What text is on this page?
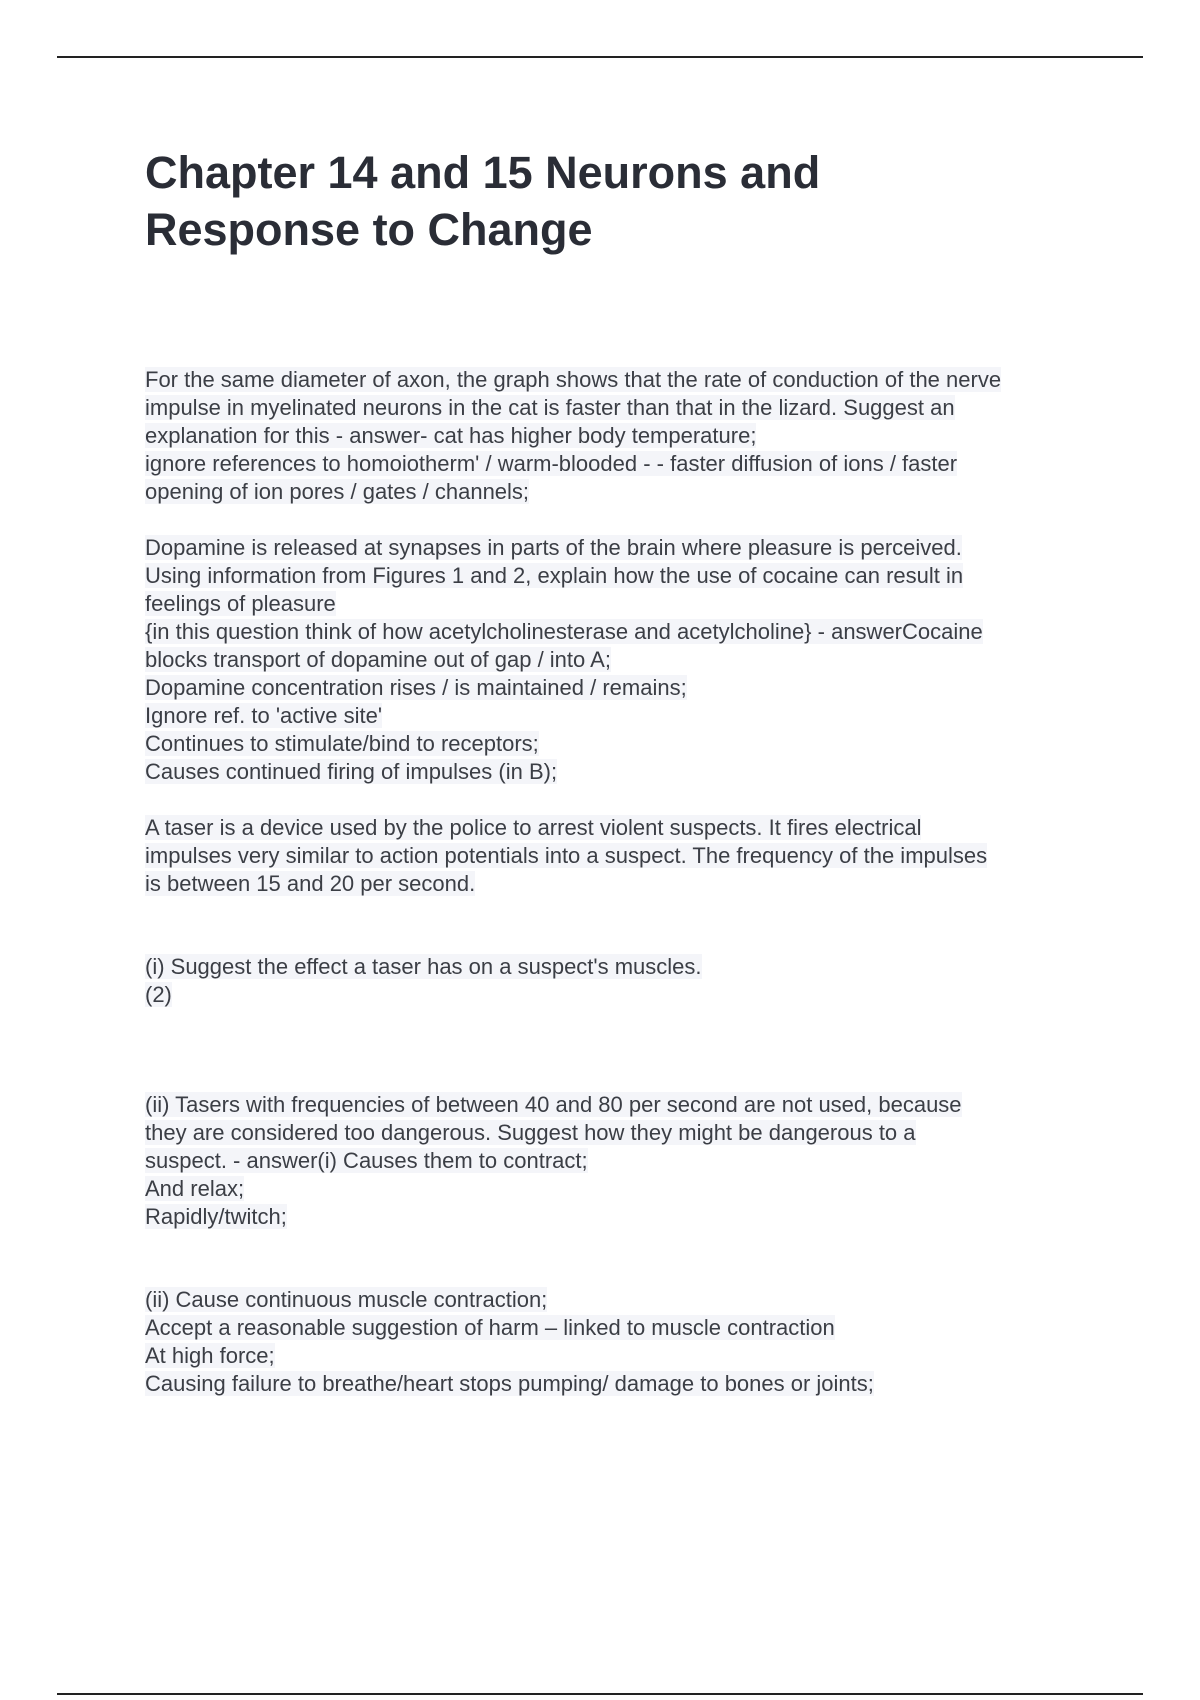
Chapter 14 and 15 Neurons and
Response to Change

For the same diameter of axon, the graph shows that the rate of conduction of the nerve
impulse in myelinated neurons in the cat is faster than that in the lizard. Suggest an
explanation for this - answer- cat has higher body temperature;
ignore references to homoiotherm' / warm-blooded - - faster diffusion of ions / faster
opening of ion pores / gates / channels;

Dopamine is released at synapses in parts of the brain where pleasure is perceived.
Using information from Figures 1 and 2, explain how the use of cocaine can result in
feelings of pleasure
{in this question think of how acetylcholinesterase and acetylcholine} - answerCocaine
blocks transport of dopamine out of gap / into A;
Dopamine concentration rises / is maintained / remains;
Ignore ref. to 'active site'
Continues to stimulate/bind to receptors;
Causes continued firing of impulses (in B);

A taser is a device used by the police to arrest violent suspects. It fires electrical
impulses very similar to action potentials into a suspect. The frequency of the impulses
is between 15 and 20 per second.

(i) Suggest the effect a taser has on a suspect's muscles.
(2)

(ii) Tasers with frequencies of between 40 and 80 per second are not used, because
they are considered too dangerous. Suggest how they might be dangerous to a
suspect. - answer(i) Causes them to contract;
And relax;
Rapidly/twitch;

(ii) Cause continuous muscle contraction;
Accept a reasonable suggestion of harm – linked to muscle contraction
At high force;
Causing failure to breathe/heart stops pumping/ damage to bones or joints;
